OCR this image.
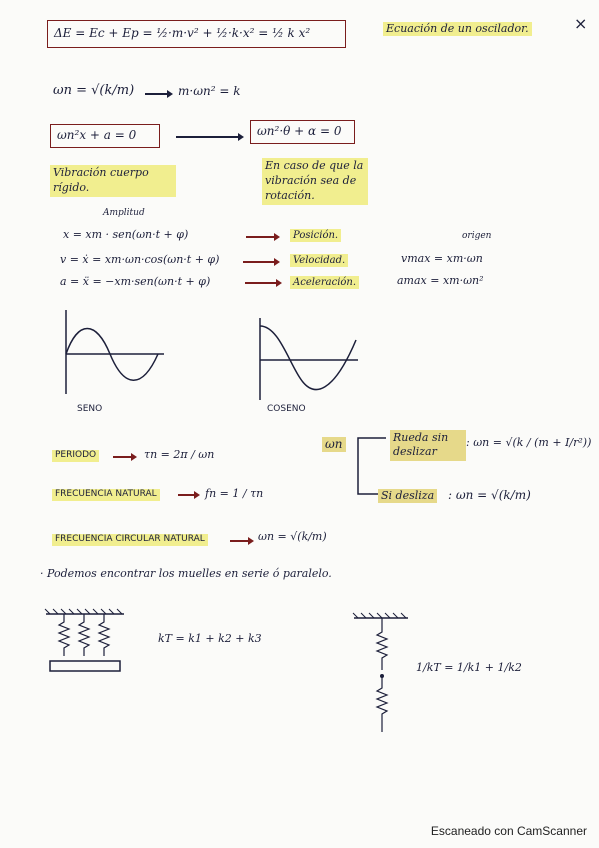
ΔE = Ec + Ep = ½·m·v² + ½·k·x² = ½ k x²	Ecuación de un oscilador.	×
ωn = √(k/m)	m·ωn² = k
ωn²x + a = 0	ωn²·θ + α = 0
Vibración cuerpo rígido.
En caso de que la vibración sea de rotación.
Amplitud
origen
x = xm · sen(ωn·t + φ)	Posición.
v = ẋ = xm·ωn·cos(ωn·t + φ)	Velocidad.	vmax = xm·ωn
a = ẍ = −xm·sen(ωn·t + φ)	Aceleración.	amax = xm·ωn²
SENO	COSENO
PERIODO	τn = 2π / ωn
FRECUENCIA NATURAL	fn = 1 / τn
FRECUENCIA CIRCULAR NATURAL	ωn = √(k/m)
ωn	Rueda sin deslizar
: ωn = √(k / (m + I/r²))
Si desliza : ωn = √(k/m)
· Podemos encontrar los muelles en serie ó paralelo.
kT = k1 + k2 + k3
1/kT = 1/k1 + 1/k2
Escaneado con CamScanner
